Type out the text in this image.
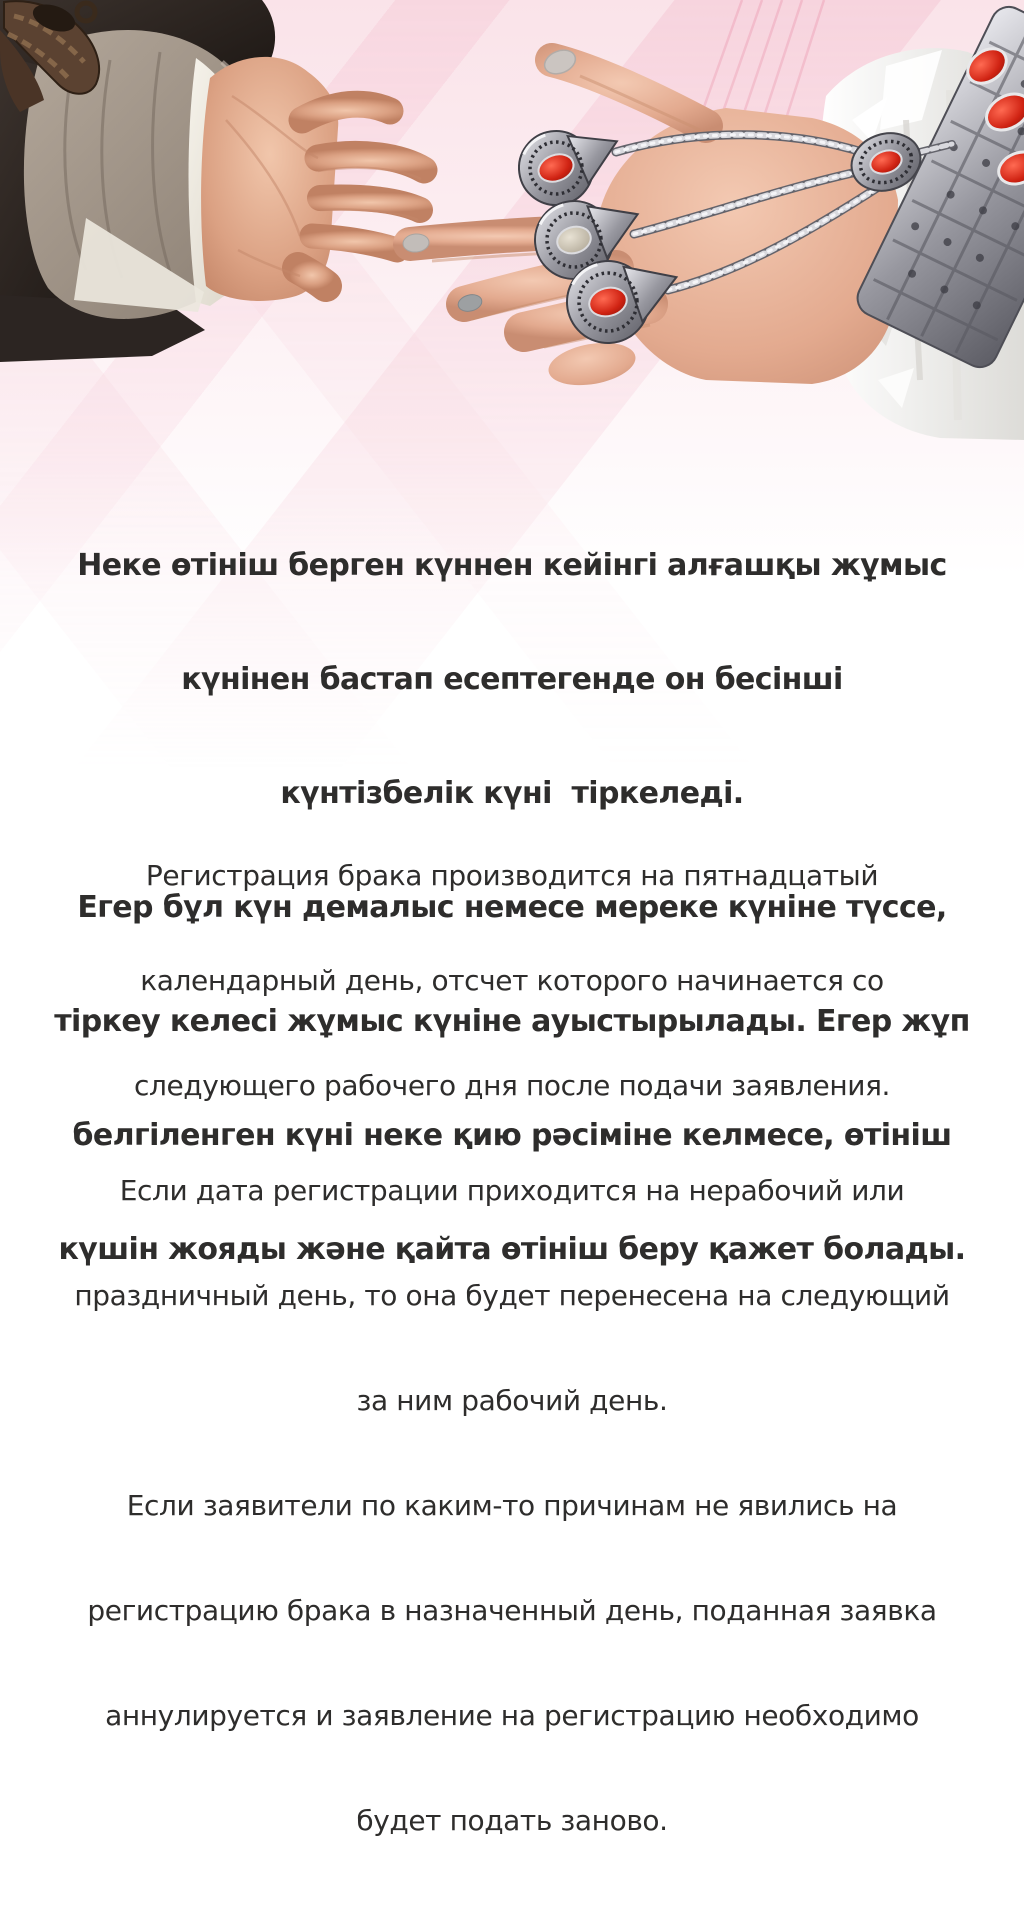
Неке өтініш берген күннен кейінгі алғашқы жұмыс

күнінен бастап есептегенде он бесінші

күнтізбелік күні  тіркеледі.

Егер бұл күн демалыс немесе мереке күніне түссе,

тіркеу келесі жұмыс күніне ауыстырылады. Егер жұп

белгіленген күні неке қию рәсіміне келмесе, өтініш

күшін жояды және қайта өтініш беру қажет болады.

Регистрация брака производится на пятнадцатый

календарный день, отсчет которого начинается со

следующего рабочего дня после подачи заявления.

Если дата регистрации приходится на нерабочий или

праздничный день, то она будет перенесена на следующий

за ним рабочий день.

Если заявители по каким-то причинам не явились на

регистрацию брака в назначенный день, поданная заявка

аннулируется и заявление на регистрацию необходимо

будет подать заново.
